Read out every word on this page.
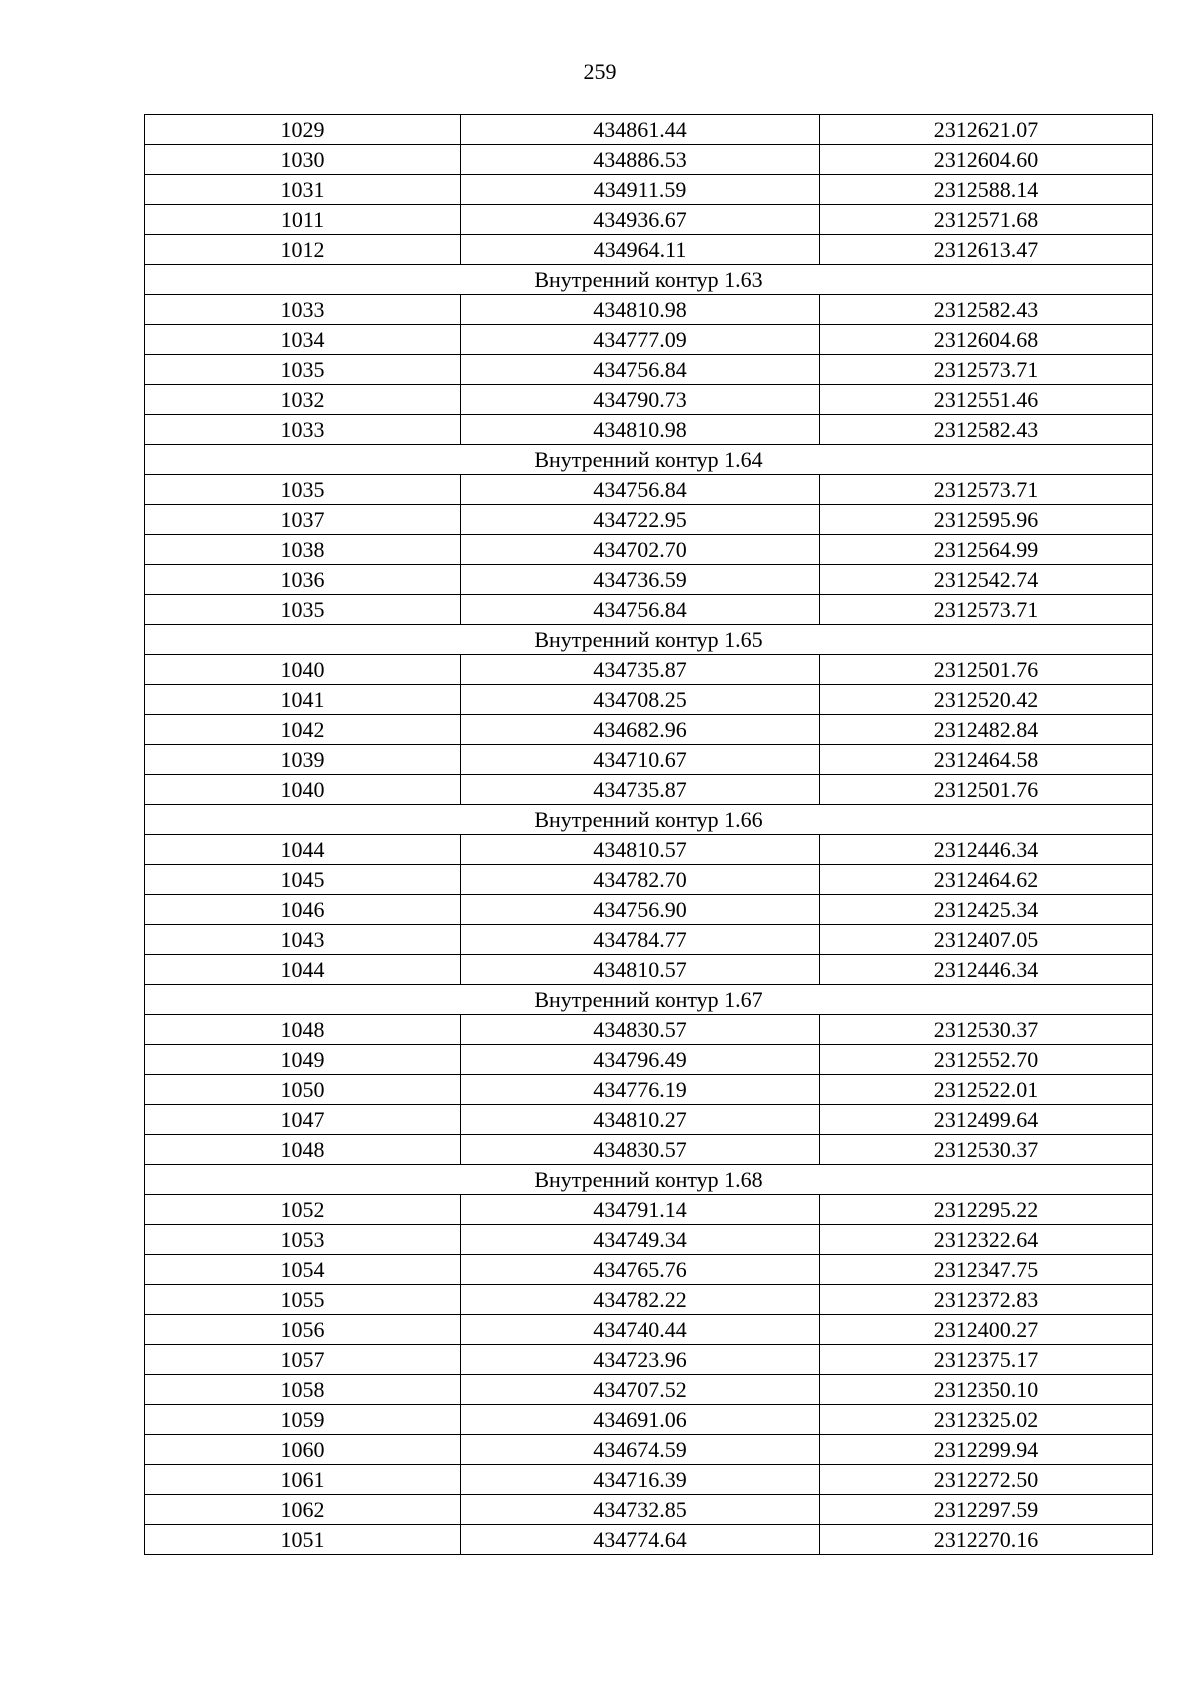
259
1029	434861.44	2312621.07
1030	434886.53	2312604.60
1031	434911.59	2312588.14
1011	434936.67	2312571.68
1012	434964.11	2312613.47
Внутренний контур 1.63		
1033	434810.98	2312582.43
1034	434777.09	2312604.68
1035	434756.84	2312573.71
1032	434790.73	2312551.46
1033	434810.98	2312582.43
Внутренний контур 1.64		
1035	434756.84	2312573.71
1037	434722.95	2312595.96
1038	434702.70	2312564.99
1036	434736.59	2312542.74
1035	434756.84	2312573.71
Внутренний контур 1.65		
1040	434735.87	2312501.76
1041	434708.25	2312520.42
1042	434682.96	2312482.84
1039	434710.67	2312464.58
1040	434735.87	2312501.76
Внутренний контур 1.66		
1044	434810.57	2312446.34
1045	434782.70	2312464.62
1046	434756.90	2312425.34
1043	434784.77	2312407.05
1044	434810.57	2312446.34
Внутренний контур 1.67		
1048	434830.57	2312530.37
1049	434796.49	2312552.70
1050	434776.19	2312522.01
1047	434810.27	2312499.64
1048	434830.57	2312530.37
Внутренний контур 1.68		
1052	434791.14	2312295.22
1053	434749.34	2312322.64
1054	434765.76	2312347.75
1055	434782.22	2312372.83
1056	434740.44	2312400.27
1057	434723.96	2312375.17
1058	434707.52	2312350.10
1059	434691.06	2312325.02
1060	434674.59	2312299.94
1061	434716.39	2312272.50
1062	434732.85	2312297.59
1051	434774.64	2312270.16
